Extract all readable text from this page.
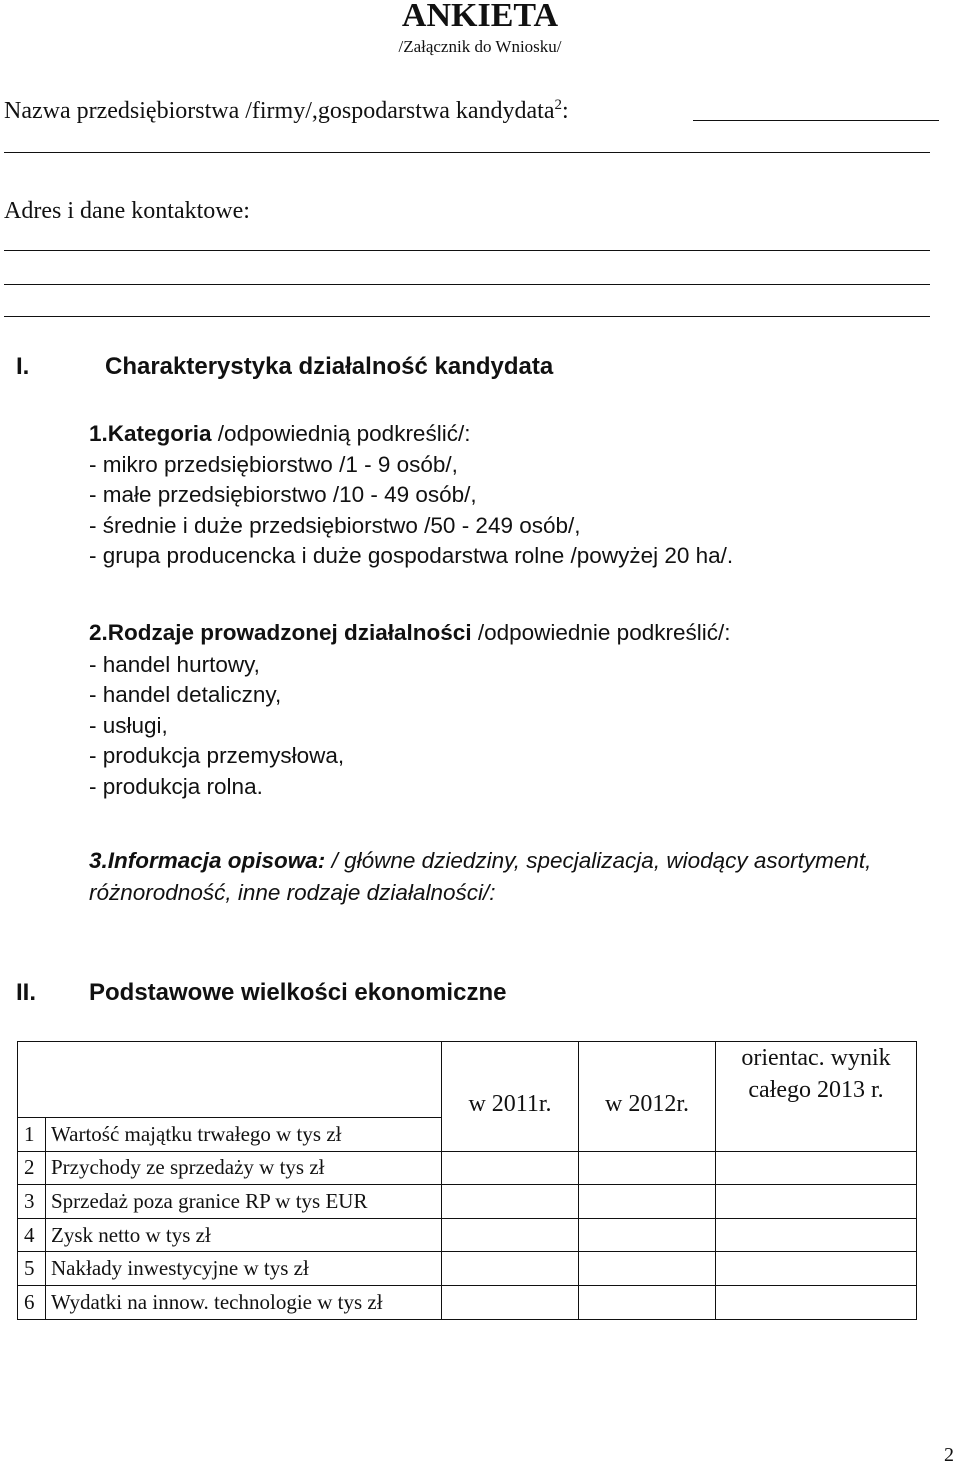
ANKIETA
/Załącznik do Wniosku/
Nazwa przedsiębiorstwa /firmy/,gospodarstwa kandydata$^2$:
Adres i dane kontaktowe:
I.	Charakterystyka działalność kandydata
1.Kategoria /odpowiednią podkreślić/:
- mikro przedsiębiorstwo /1 - 9 osób/,
- małe przedsiębiorstwo /10 - 49 osób/,
- średnie i duże przedsiębiorstwo /50 - 249 osób/,
- grupa producencka i duże gospodarstwa rolne /powyżej 20 ha/.
2.Rodzaje prowadzonej działalności /odpowiednie podkreślić/:
- handel hurtowy,
- handel detaliczny,
- usługi,
- produkcja przemysłowa,
- produkcja rolna.
3.Informacja opisowa: / główne dziedziny, specjalizacja, wiodący asortyment, różnorodność, inne rodzaje działalności/:
II. Podstawowe wielkości ekonomiczne

		w 2011r.	w 2012r.	orientac. wynik
całego 2013 r.

1	Wartość majątku trwałego w tys zł			
2	Przychody ze sprzedaży w tys zł			
3	Sprzedaż poza granice RP w tys EUR			
4	Zysk netto w tys zł			
5	Nakłady inwestycyjne w tys zł			
6	Wydatki na innow. technologie w tys zł			
2
